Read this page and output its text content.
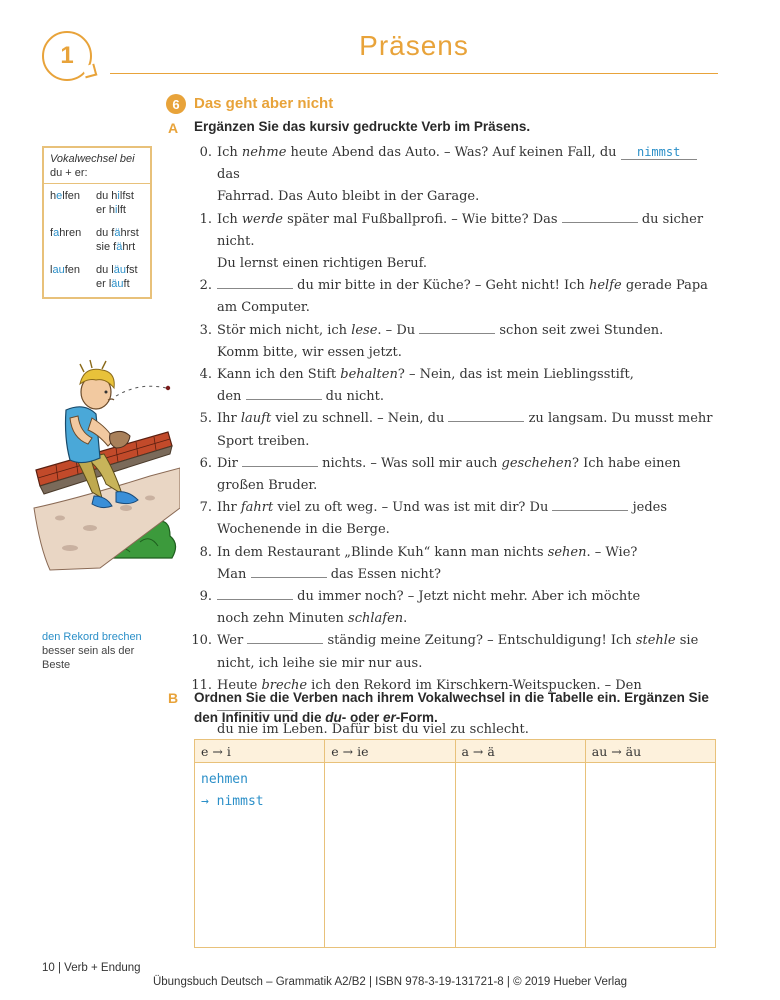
1	Präsens
6 Das geht aber nicht
A Ergänzen Sie das kursiv gedruckte Verb im Präsens.
Vokalwechsel bei
du + er:
helfen	du hilfst
er hilft
fahren	du fährst
sie fährt
laufen	du läufst
er läuft
den Rekord brechen
besser sein als der Beste
0. Ich nehme heute Abend das Auto. – Was? Auf keinen Fall, du nimmst das
Fahrrad. Das Auto bleibt in der Garage.
1. Ich werde später mal Fußballprofi. – Wie bitte? Das	du sicher nicht.
Du lernst einen richtigen Beruf.
2.	du mir bitte in der Küche? – Geht nicht! Ich helfe gerade Papa
am Computer.
3. Stör mich nicht, ich lese. – Du	schon seit zwei Stunden.
Komm bitte, wir essen jetzt.
4. Kann ich den Stift behalten? – Nein, das ist mein Lieblingsstift,
den	du nicht.
5. Ihr lauft viel zu schnell. – Nein, du	zu langsam. Du musst mehr
Sport treiben.
6. Dir	nichts. – Was soll mir auch geschehen? Ich habe einen
großen Bruder.
7. Ihr fahrt viel zu oft weg. – Und was ist mit dir? Du	jedes
Wochenende in die Berge.
8. In dem Restaurant „Blinde Kuh“ kann man nichts sehen. – Wie?
Man	das Essen nicht?
9.	du immer noch? – Jetzt nicht mehr. Aber ich möchte
noch zehn Minuten schlafen.
10. Wer	ständig meine Zeitung? – Entschuldigung! Ich stehle sie
nicht, ich leihe sie mir nur aus.
11. Heute breche ich den Rekord im Kirschkern-Weitspucken. – Den
du nie im Leben. Dafür bist du viel zu schlecht.
B Ordnen Sie die Verben nach ihrem Vokalwechsel in die Tabelle ein. Ergänzen Sie
den Infinitiv und die du- oder er-Form.
e → i	e → ie	a → ä	au → äu

nehmen
→ nimmst			

10 | Verb + Endung
Übungsbuch Deutsch – Grammatik A2/B2 | ISBN 978-3-19-131721-8 | © 2019 Hueber Verlag
